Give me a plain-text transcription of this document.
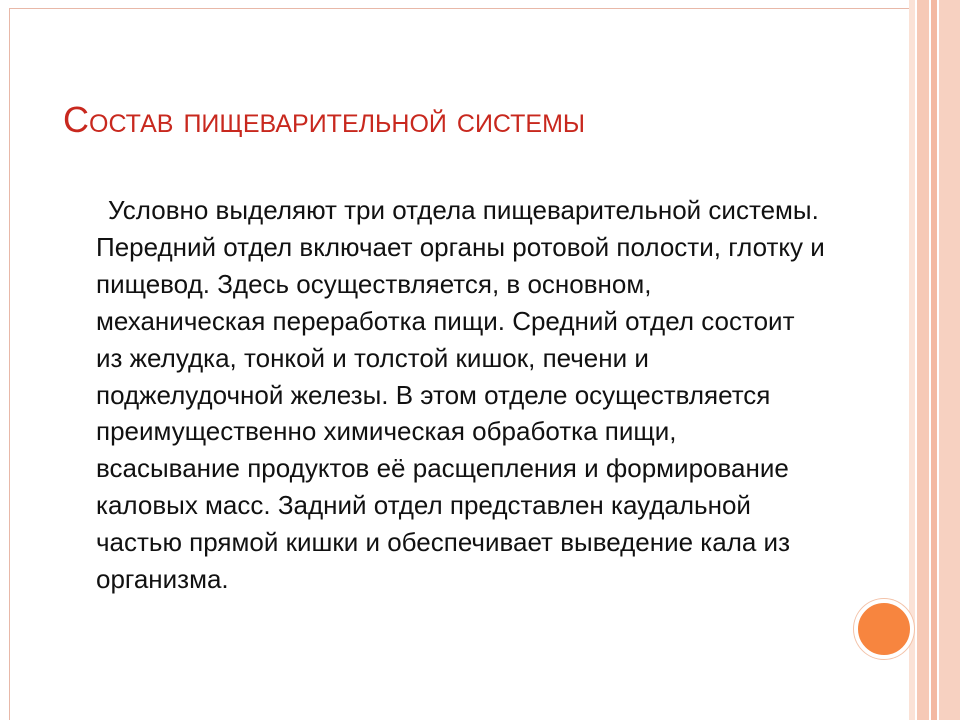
Состав пищеварительной системы
Условно выделяют три отдела пищеварительной системы. Передний отдел включает органы ротовой полости, глотку и пищевод. Здесь осуществляется, в основном, механическая переработка пищи. Средний отдел состоит из желудка, тонкой и толстой кишок, печени и поджелудочной железы. В этом отделе осуществляется преимущественно химическая обработка пищи, всасывание продуктов её расщепления и формирование каловых масс. Задний отдел представлен каудальной частью прямой кишки и обеспечивает выведение кала из организма.
